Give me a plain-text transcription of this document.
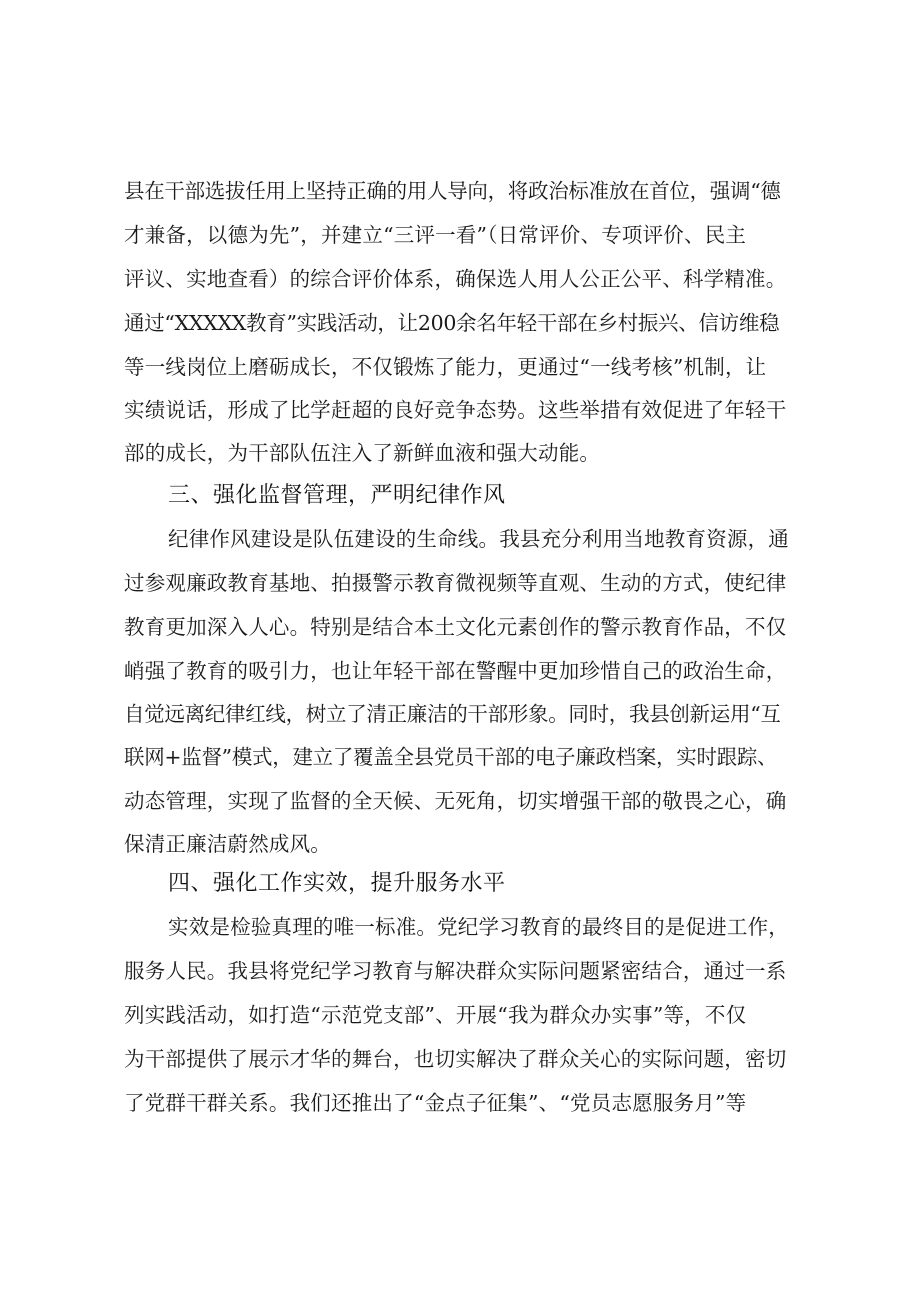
县在干部选拔任用上坚持正确的用人导向，将政治标准放在首位，强调“德

才兼备，以德为先”，并建立“三评一看”（日常评价、专项评价、民主

评议、实地查看）的综合评价体系，确保选人用人公正公平、科学精准。

通过“XXXXX教育”实践活动，让200余名年轻干部在乡村振兴、信访维稳

等一线岗位上磨砺成长，不仅锻炼了能力，更通过“一线考核”机制，让

实绩说话，形成了比学赶超的良好竞争态势。这些举措有效促进了年轻干

部的成长，为干部队伍注入了新鲜血液和强大动能。

三、强化监督管理，严明纪律作风

纪律作风建设是队伍建设的生命线。我县充分利用当地教育资源，通

过参观廉政教育基地、拍摄警示教育微视频等直观、生动的方式，使纪律

教育更加深入人心。特别是结合本土文化元素创作的警示教育作品，不仅

峭强了教育的吸引力，也让年轻干部在警醒中更加珍惜自己的政治生命，

自觉远离纪律红线，树立了清正廉洁的干部形象。同时，我县创新运用“互

联网+监督”模式，建立了覆盖全县党员干部的电子廉政档案，实时跟踪、

动态管理，实现了监督的全天候、无死角，切实增强干部的敬畏之心，确

保清正廉洁蔚然成风。

四、强化工作实效，提升服务水平

实效是检验真理的唯一标准。党纪学习教育的最终目的是促进工作，

服务人民。我县将党纪学习教育与解决群众实际问题紧密结合，通过一系

列实践活动，如打造“示范党支部”、开展“我为群众办实事”等，不仅

为干部提供了展示才华的舞台，也切实解决了群众关心的实际问题，密切

了党群干群关系。我们还推出了“金点子征集”、“党员志愿服务月”等
